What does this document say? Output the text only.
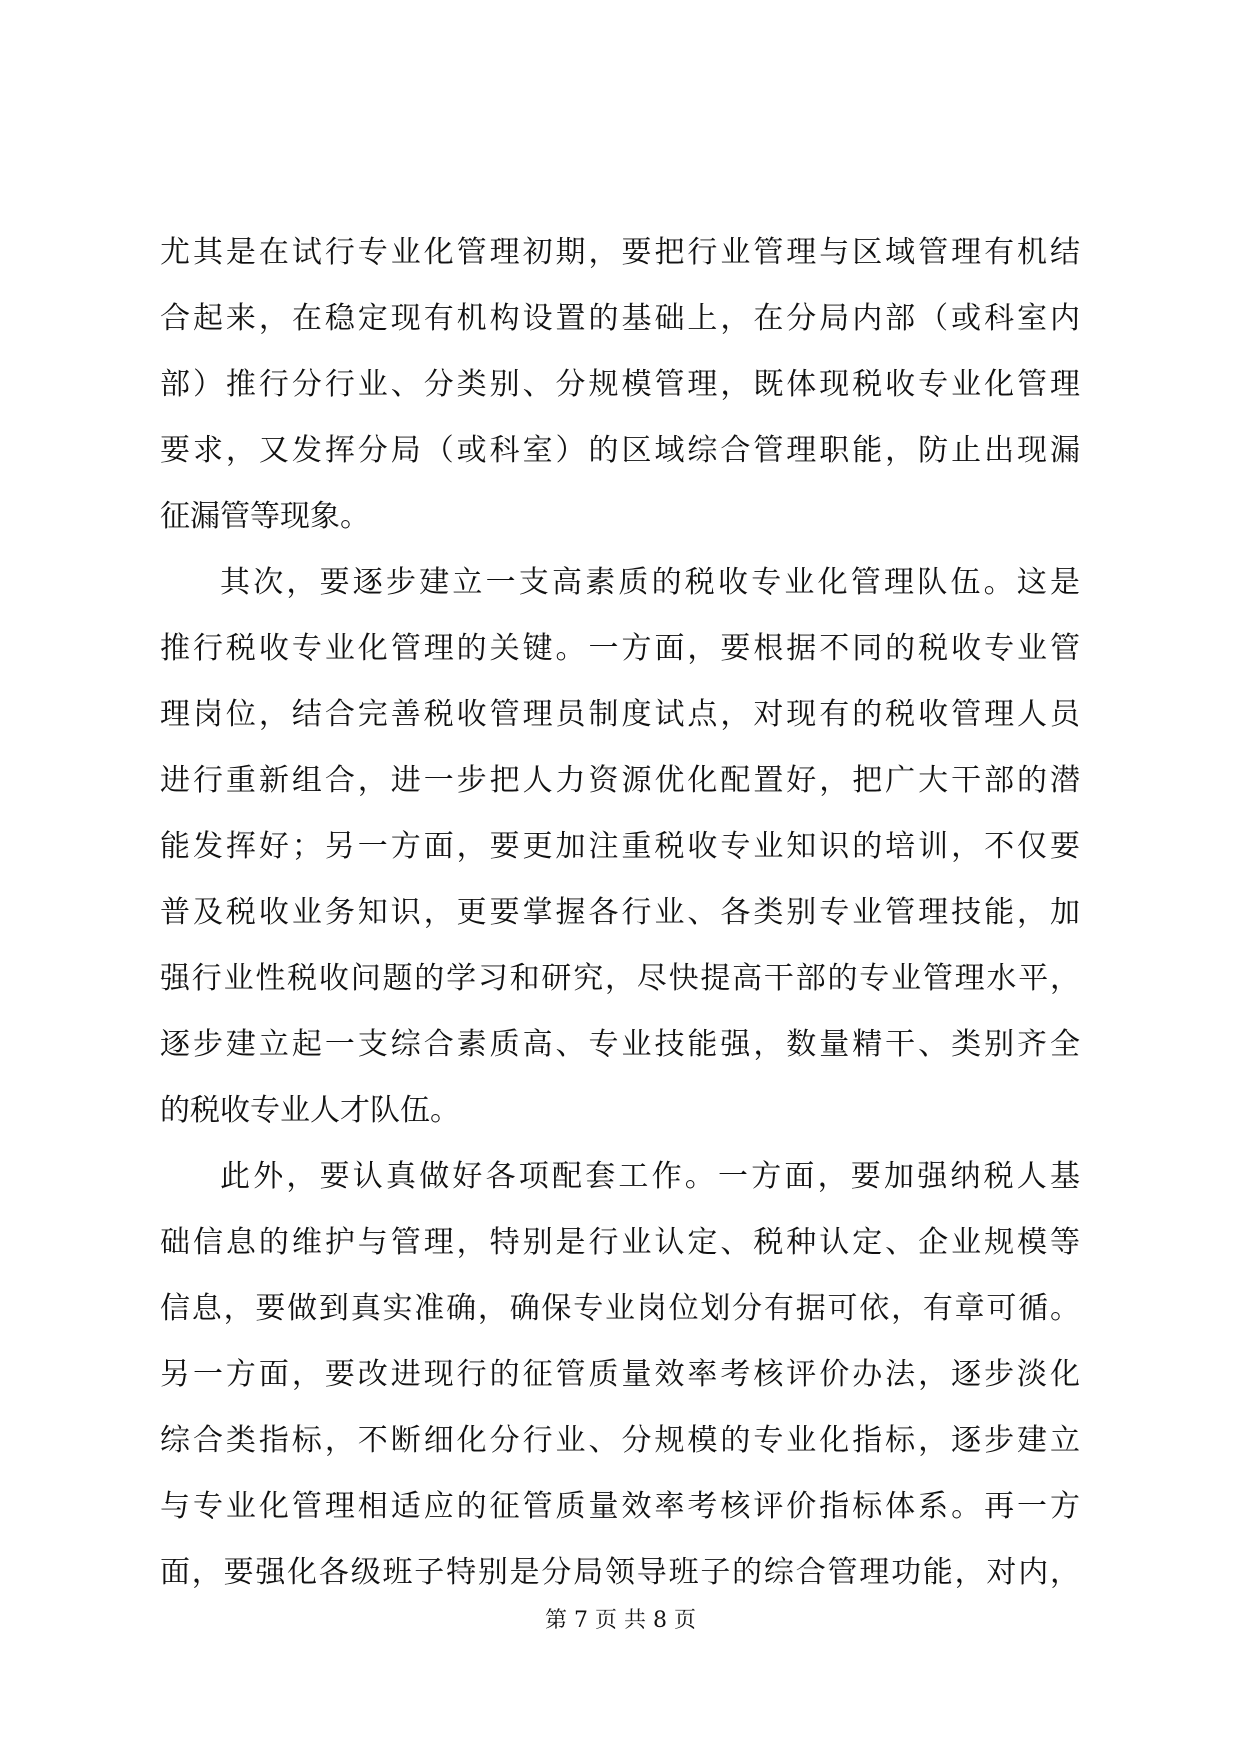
尤其是在试行专业化管理初期，要把行业管理与区域管理有机结
合起来，在稳定现有机构设置的基础上，在分局内部（或科室内
部）推行分行业、分类别、分规模管理，既体现税收专业化管理
要求，又发挥分局（或科室）的区域综合管理职能，防止出现漏
征漏管等现象。
其次，要逐步建立一支高素质的税收专业化管理队伍。这是
推行税收专业化管理的关键。一方面，要根据不同的税收专业管
理岗位，结合完善税收管理员制度试点，对现有的税收管理人员
进行重新组合，进一步把人力资源优化配置好，把广大干部的潜
能发挥好；另一方面，要更加注重税收专业知识的培训，不仅要
普及税收业务知识，更要掌握各行业、各类别专业管理技能，加
强行业性税收问题的学习和研究，尽快提高干部的专业管理水平，
逐步建立起一支综合素质高、专业技能强，数量精干、类别齐全
的税收专业人才队伍。
此外，要认真做好各项配套工作。一方面，要加强纳税人基
础信息的维护与管理，特别是行业认定、税种认定、企业规模等
信息，要做到真实准确，确保专业岗位划分有据可依，有章可循。
另一方面，要改进现行的征管质量效率考核评价办法，逐步淡化
综合类指标，不断细化分行业、分规模的专业化指标，逐步建立
与专业化管理相适应的征管质量效率考核评价指标体系。再一方
面，要强化各级班子特别是分局领导班子的综合管理功能，对内，
第 7 页 共 8 页
